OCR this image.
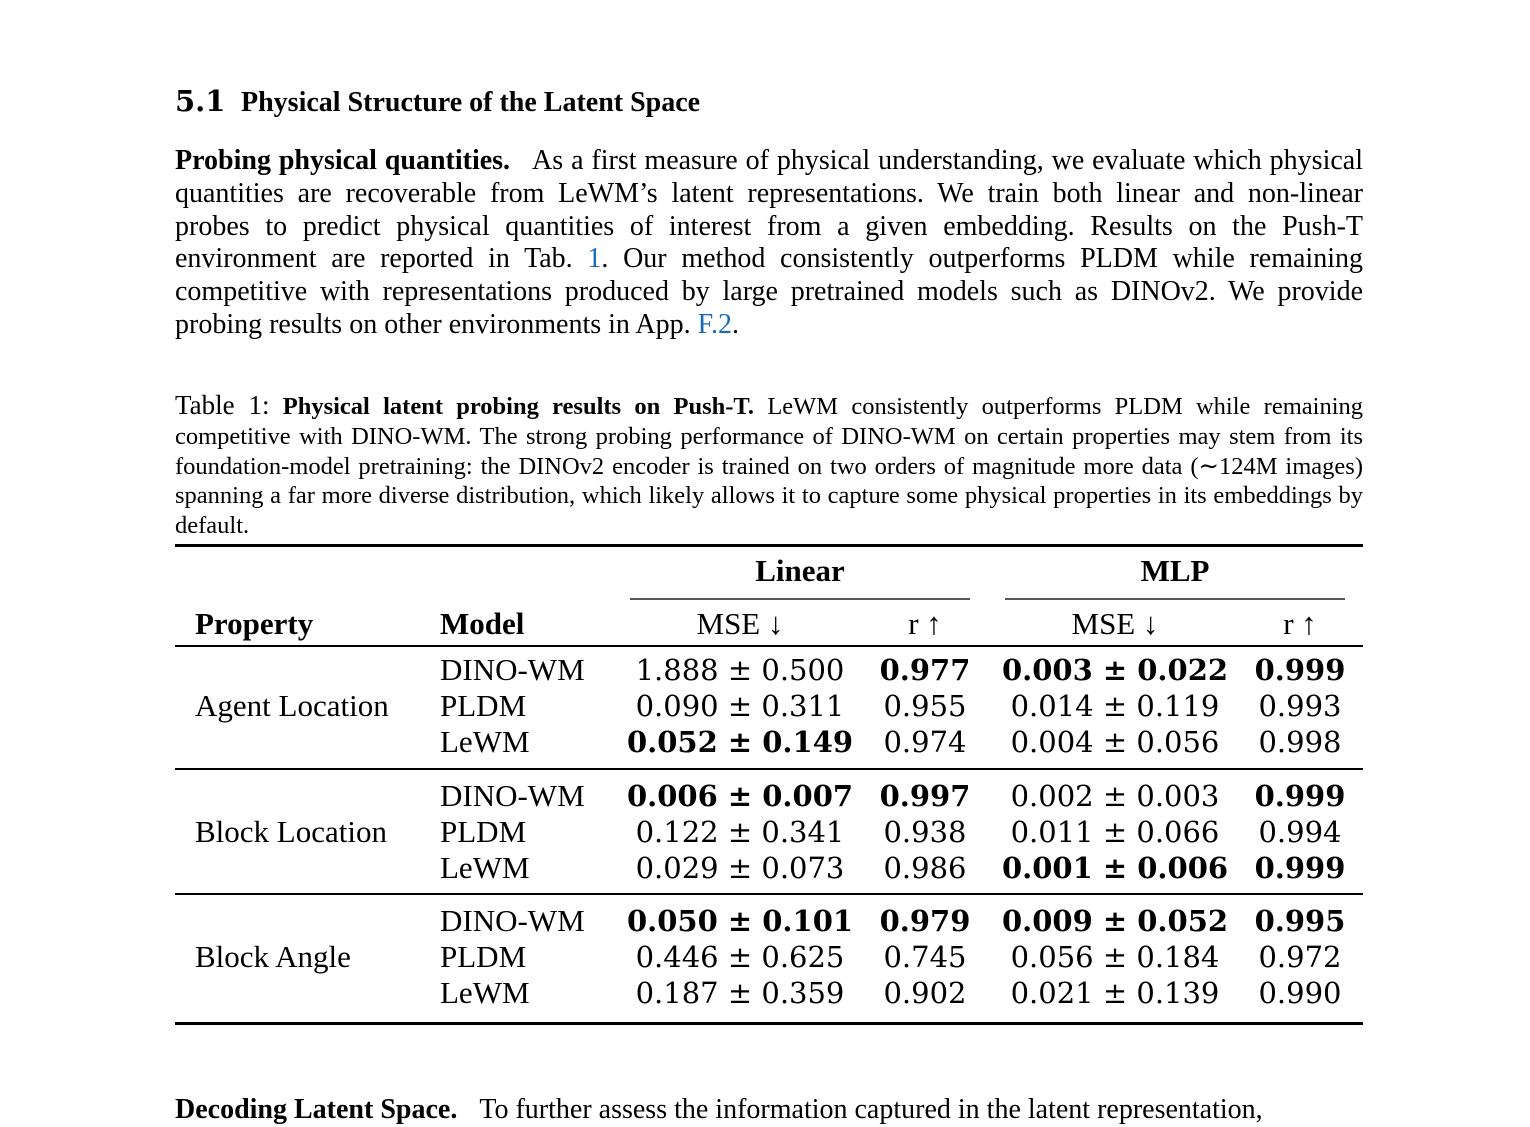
5.1 Physical Structure of the Latent Space
Probing physical quantities. As a first measure of physical understanding, we evaluate which physical quantities are recoverable from LeWM’s latent representations. We train both linear and non-linear probes to predict physical quantities of interest from a given embedding. Results on the Push-T environment are reported in Tab. 1. Our method consistently outperforms PLDM while remaining competitive with representations produced by large pretrained models such as DINOv2. We provide probing results on other environments in App. F.2.
Table 1: Physical latent probing results on Push-T. LeWM consistently outperforms PLDM while remaining competitive with DINO-WM. The strong probing performance of DINO-WM on certain properties may stem from its foundation-model pretraining: the DINOv2 encoder is trained on two orders of magnitude more data (∼124M images) spanning a far more diverse distribution, which likely allows it to capture some physical properties in its embeddings by default.
Linear	MLP
Property	Model	MSE ↓	r ↑	MSE ↓	r ↑
Agent Location
DINO-WM	1.888 ± 0.500	0.977	0.003 ± 0.022 0.999
PLDM	0.090 ± 0.311	0.955	0.014 ± 0.119	0.993
LeWM	0.052 ± 0.149	0.974	0.004 ± 0.056	0.998
Block Location
DINO-WM	0.006 ± 0.007 0.997	0.002 ± 0.003	0.999
PLDM	0.122 ± 0.341	0.938	0.011 ± 0.066	0.994
LeWM	0.029 ± 0.073	0.986	0.001 ± 0.006 0.999
Block Angle
DINO-WM	0.050 ± 0.101 0.979	0.009 ± 0.052 0.995
PLDM	0.446 ± 0.625	0.745	0.056 ± 0.184	0.972
LeWM	0.187 ± 0.359	0.902	0.021 ± 0.139	0.990
Decoding Latent Space. To further assess the information captured in the latent representation,
